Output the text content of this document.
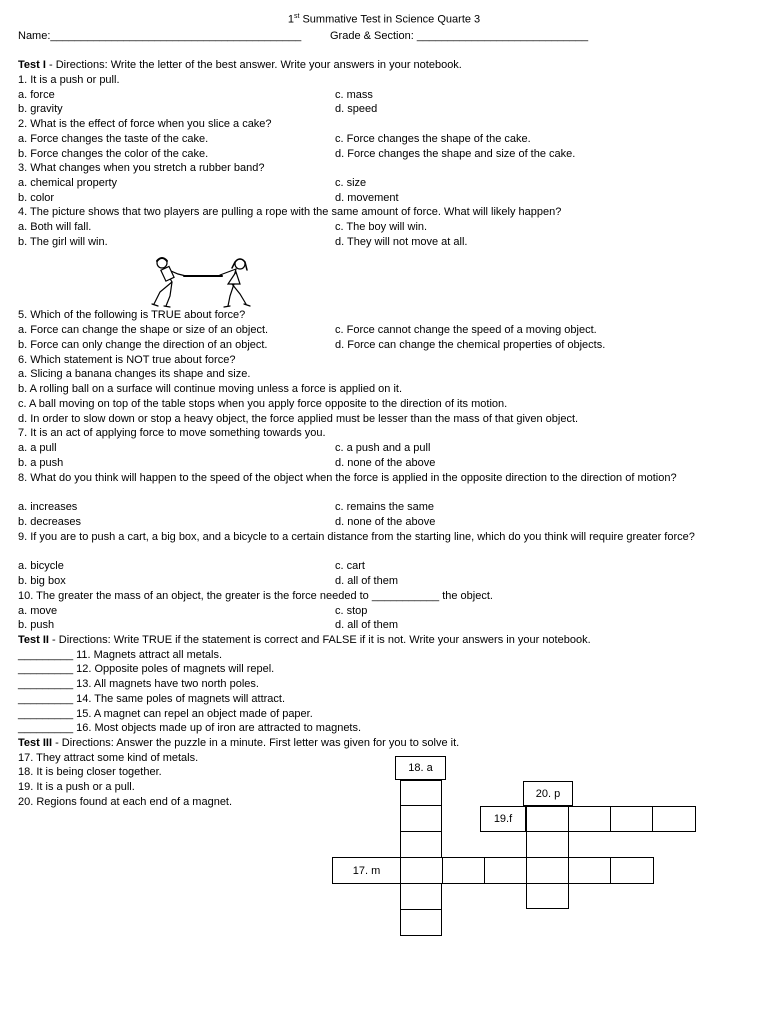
1st Summative Test in Science Quarte 3
Name:_________________________________________	Grade & Section: ____________________________
Test I - Directions: Write the letter of the best answer. Write your answers in your notebook.
1. It is a push or pull.
a. force	c. mass
b. gravity	d. speed
2. What is the effect of force when you slice a cake?
a. Force changes the taste of the cake.	c. Force changes the shape of the cake.
b. Force changes the color of the cake.	d. Force changes the shape and size of the cake.
3. What changes when you stretch a rubber band?
a. chemical property	c. size
b. color	d. movement
4. The picture shows that two players are pulling a rope with the same amount of force. What will likely happen?
a. Both will fall.	c. The boy will win.
b. The girl will win.	d. They will not move at all.
5. Which of the following is TRUE about force?
a. Force can change the shape or size of an object.	c. Force cannot change the speed of a moving object.
b. Force can only change the direction of an object.	d. Force can change the chemical properties of objects.
6. Which statement is NOT true about force?
a. Slicing a banana changes its shape and size.
b. A rolling ball on a surface will continue moving unless a force is applied on it.
c. A ball moving on top of the table stops when you apply force opposite to the direction of its motion.
d. In order to slow down or stop a heavy object, the force applied must be lesser than the mass of that given object.
7. It is an act of applying force to move something towards you.
a. a pull	c. a push and a pull
b. a push	d. none of the above
8. What do you think will happen to the speed of the object when the force is applied in the opposite direction to the direction of motion?
a. increases	c. remains the same
b. decreases	d. none of the above
9. If you are to push a cart, a big box, and a bicycle to a certain distance from the starting line, which do you think will require greater force?
a. bicycle	c. cart
b. big box	d. all of them
10. The greater the mass of an object, the greater is the force needed to ___________ the object.
a. move	c. stop
b. push	d. all of them
Test II - Directions: Write TRUE if the statement is correct and FALSE if it is not. Write your answers in your notebook.
_________ 11. Magnets attract all metals.
_________ 12. Opposite poles of magnets will repel.
_________ 13. All magnets have two north poles.
_________ 14. The same poles of magnets will attract.
_________ 15. A magnet can repel an object made of paper.
_________ 16. Most objects made up of iron are attracted to magnets.
Test III - Directions: Answer the puzzle in a minute. First letter was given for you to solve it.
17. They attract some kind of metals.
18. It is being closer together.
19. It is a push or a pull.
20. Regions found at each end of a magnet.
18. a
20. p
19.f
17. m
